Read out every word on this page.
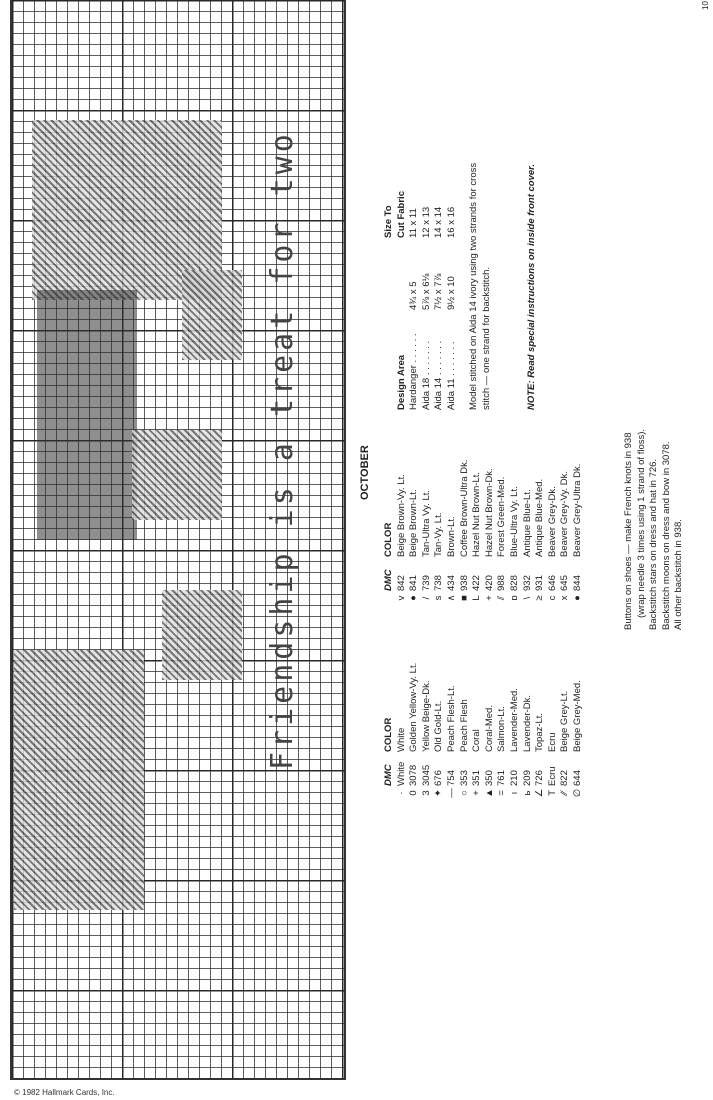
Friendship is a treat for two
© 1982 Hallmark Cards, Inc.
OCTOBER
DMC
COLOR
·
White
White
0
3078
Golden Yellow-Vy. Lt.
3
3045
Yellow Beige-Dk.
✦
676
Old Gold-Lt.
—
754
Peach Flesh-Lt.
○
353
Peach Flesh
+
351
Coral
▲
350
Coral-Med.
=
761
Salmon-Lt.
ı
210
Lavender-Med.
ь
209
Lavender-Dk.
∠
726
Topaz-Lt.
T
Ecru
Ecru
⁄⁄
822
Beige Grey-Lt.
∅
644
Beige Grey-Med.
DMC
COLOR
v
842
Beige Brown-Vy. Lt.
●
841
Beige Brown-Lt.
/
739
Tan-Ultra Vy. Lt.
s
738
Tan-Vy. Lt.
∧
434
Brown-Lt.
■
938
Coffee Brown-Ultra Dk.
L
422
Hazel Nut Brown-Lt.
+
420
Hazel Nut Brown-Dk.
⫽
988
Forest Green-Med.
ɒ
828
Blue-Ultra Vy. Lt.
\
932
Antique Blue-Lt.
≥
931
Antique Blue-Med.
c
646
Beaver Grey-Dk.
x
645
Beaver Grey-Vy. Dk.
●
844
Beaver Grey-Ultra Dk.
Size To
Design Area
Cut Fabric
Hardanger . . . . . .
4¾ x 5
11 x 11
Aida 18 . . . . . . .
5⅞ x 6⅛
12 x 13
Aida 14 . . . . . . .
7½ x 7⅞
14 x 14
Aida 11 . . . . . . .
9½ x 10
16 x 16 Model stitched on Aida 14 ivory using two strands for cross stitch — one strand for backstitch.	NOTE: Read special instructions on inside front cover.
Buttons on shoes — make French knots in 938 (wrap needle 3 times using 1 strand of floss). Backstitch stars on dress and hat in 726. Backstitch moons on dress and bow in 3078. All other backstitch in 938.
10
